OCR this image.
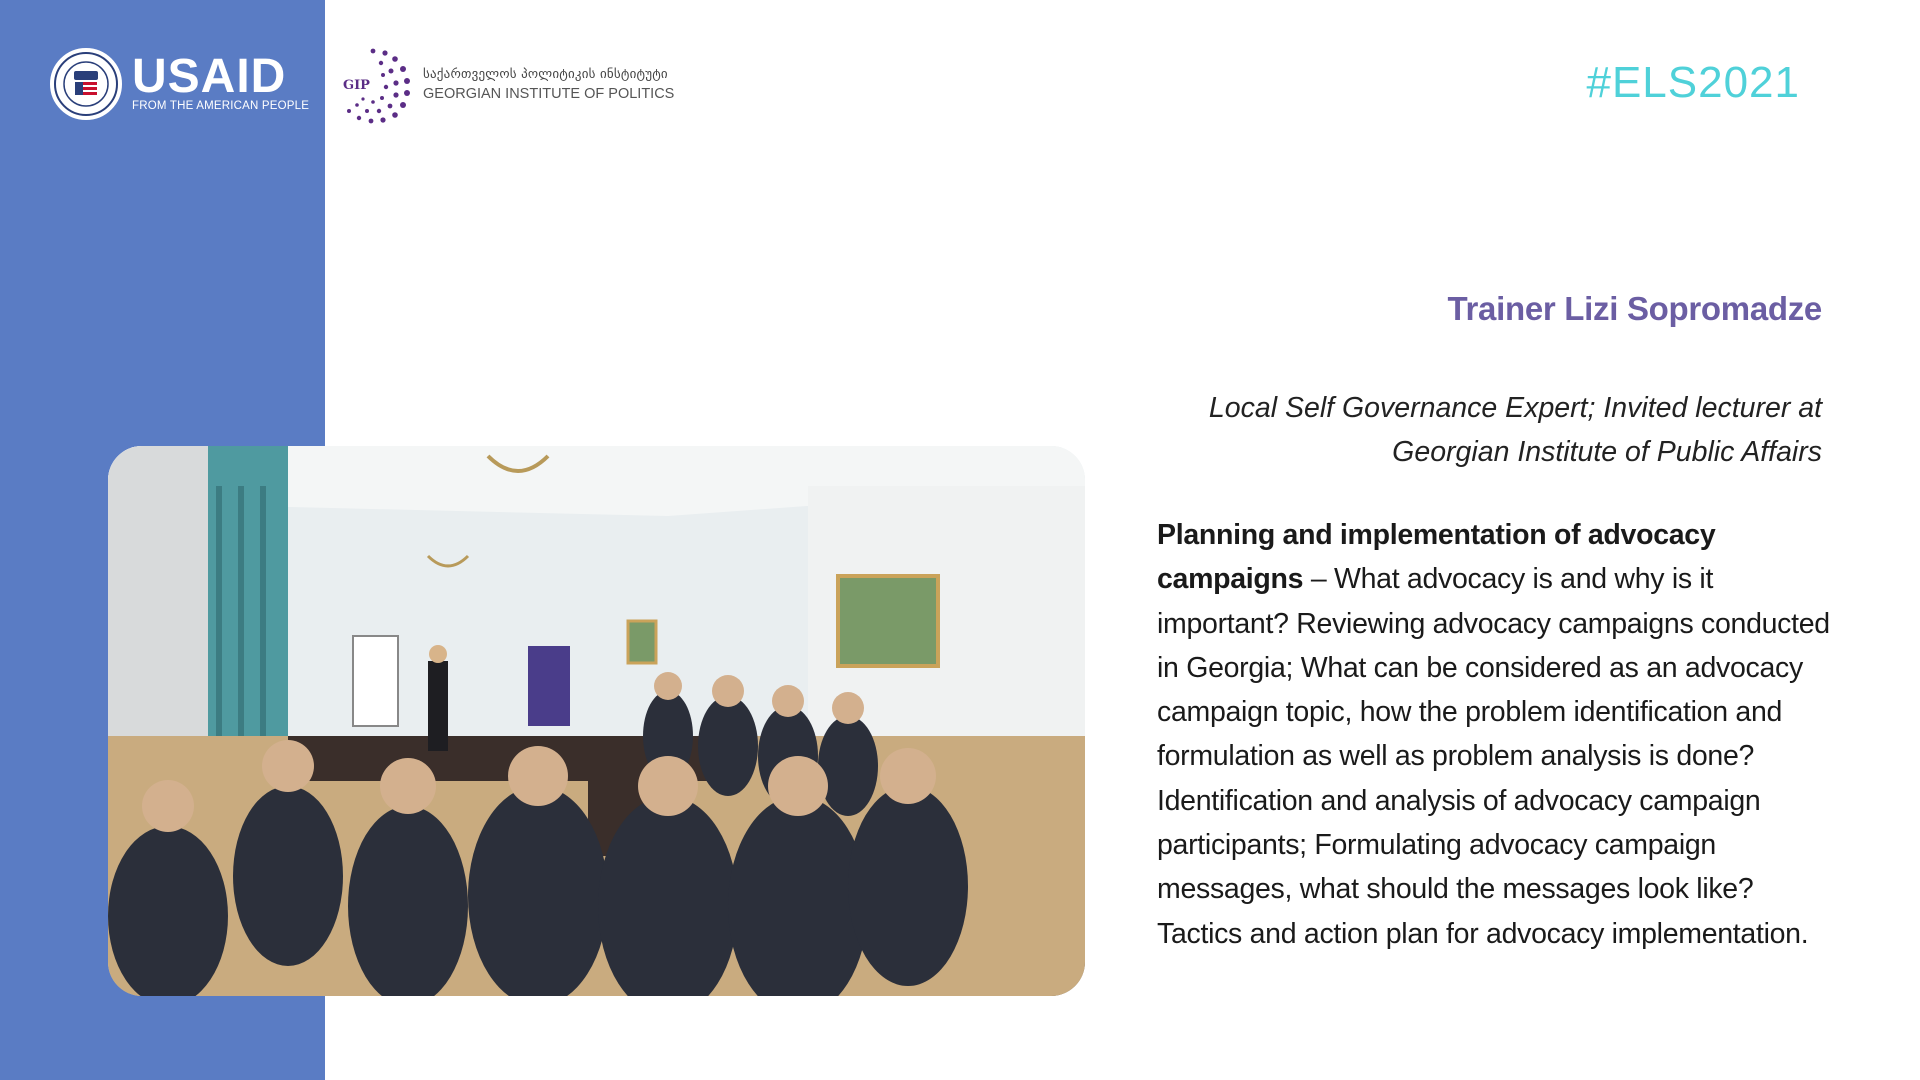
USAID
FROM THE AMERICAN PEOPLE
GIP
საქართველოს პოლიტიკის ინსტიტუტი
GEORGIAN INSTITUTE OF POLITICS	#ELS2021
Trainer Lizi Sopromadze
Local Self Governance Expert; Invited lecturer at Georgian Institute of Public Affairs
Planning and implementation of advocacy campaigns – What advocacy is and why is it important? Reviewing advocacy campaigns conducted in Georgia; What can be considered as an advocacy campaign topic, how the problem identification and formulation as well as problem analysis is done? Identification and analysis of advocacy campaign participants; Formulating advocacy campaign messages, what should the messages look like? Tactics and action plan for advocacy implementation.
